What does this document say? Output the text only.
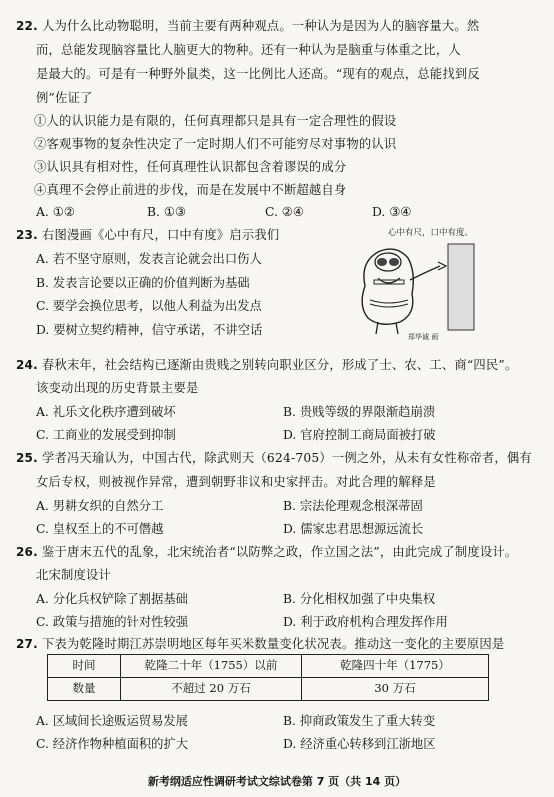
22. 人为什么比动物聪明，当前主要有两种观点。一种认为是因为人的脑容量大。然
而，总能发现脑容量比人脑更大的物种。还有一种认为是脑重与体重之比，人
是最大的。可是有一种野外鼠类，这一比例比人还高。“现有的观点，总能找到反
例”佐证了
①人的认识能力是有限的，任何真理都只是具有一定合理性的假设
②客观事物的复杂性决定了一定时期人们不可能穷尽对事物的认识
③认识具有相对性，任何真理性认识都包含着谬误的成分
④真理不会停止前进的步伐，而是在发展中不断超越自身
A. ①②	B. ①③	C. ②④	D. ③④
23. 右图漫画《心中有尺，口中有度》启示我们
A. 若不坚守原则，发表言论就会出口伤人
B. 发表言论要以正确的价值判断为基础
C. 要学会换位思考，以他人利益为出发点
D. 要树立契约精神，信守承诺，不讲空话
心中有尺，口中有度。
郑华诚 画
24. 春秋末年，社会结构已逐渐由贵贱之别转向职业区分，形成了士、农、工、商“四民”。
该变动出现的历史背景主要是
A. 礼乐文化秩序遭到破坏	B. 贵贱等级的界限渐趋崩溃
C. 工商业的发展受到抑制	D. 官府控制工商局面被打破
25. 学者冯天瑜认为，中国古代，除武则天（624-705）一例之外，从未有女性称帝者，偶有
女后专权，则被视作异常，遭到朝野非议和史家抨击。对此合理的解释是
A. 男耕女织的自然分工	B. 宗法伦理观念根深蒂固
C. 皇权至上的不可僭越	D. 儒家忠君思想源远流长
26. 鉴于唐末五代的乱象，北宋统治者“以防弊之政，作立国之法”，由此完成了制度设计。
北宋制度设计
A. 分化兵权铲除了割据基础	B. 分化相权加强了中央集权
C. 政策与措施的针对性较强	D. 利于政府机构合理发挥作用
27. 下表为乾隆时期江苏崇明地区每年买米数量变化状况表。推动这一变化的主要原因是
时间	乾隆二十年（1755）以前	乾隆四十年（1775）
数量	不超过 20 万石	30 万石
A. 区域间长途贩运贸易发展	B. 抑商政策发生了重大转变
C. 经济作物种植面积的扩大	D. 经济重心转移到江浙地区
新考纲适应性调研考试文综试卷第 7 页（共 14 页）
